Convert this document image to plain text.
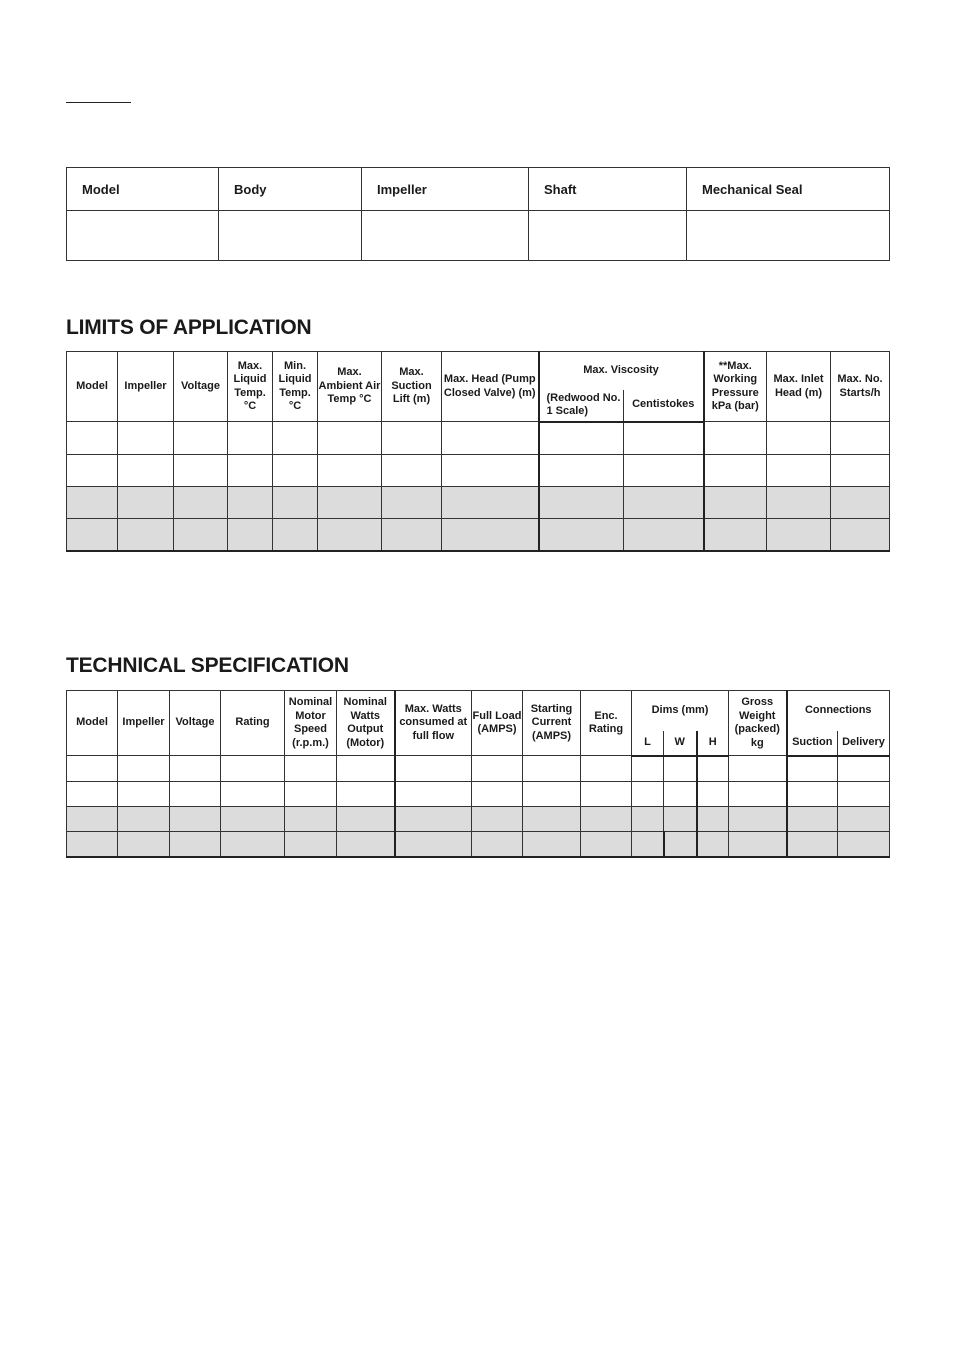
Model	Body	Impeller	Shaft	Mechanical Seal

LIMITS OF APPLICATION
Model	Impeller	Voltage	Max. Liquid Temp. °C	Min. Liquid Temp. °C	Max. Ambient Air Temp °C	Max. Suction Lift (m)	Max. Head (Pump Closed Valve) (m)	Max. Viscosity		**Max. Working Pressure kPa (bar)	Max. Inlet Head (m)	Max. No. Starts/h
								(Redwood No. 1 Scale)	Centistokes			

TECHNICAL SPECIFICATION
Model	Impeller	Voltage	Rating	Nominal Motor Speed (r.p.m.)	Nominal Watts Output (Motor)	Max. Watts consumed at full flow	Full Load (AMPS)	Starting Current (AMPS)	Enc. Rating	Dims (mm)			Gross Weight (packed) kg	Connections	
										L	W	H		Suction	Delivery
